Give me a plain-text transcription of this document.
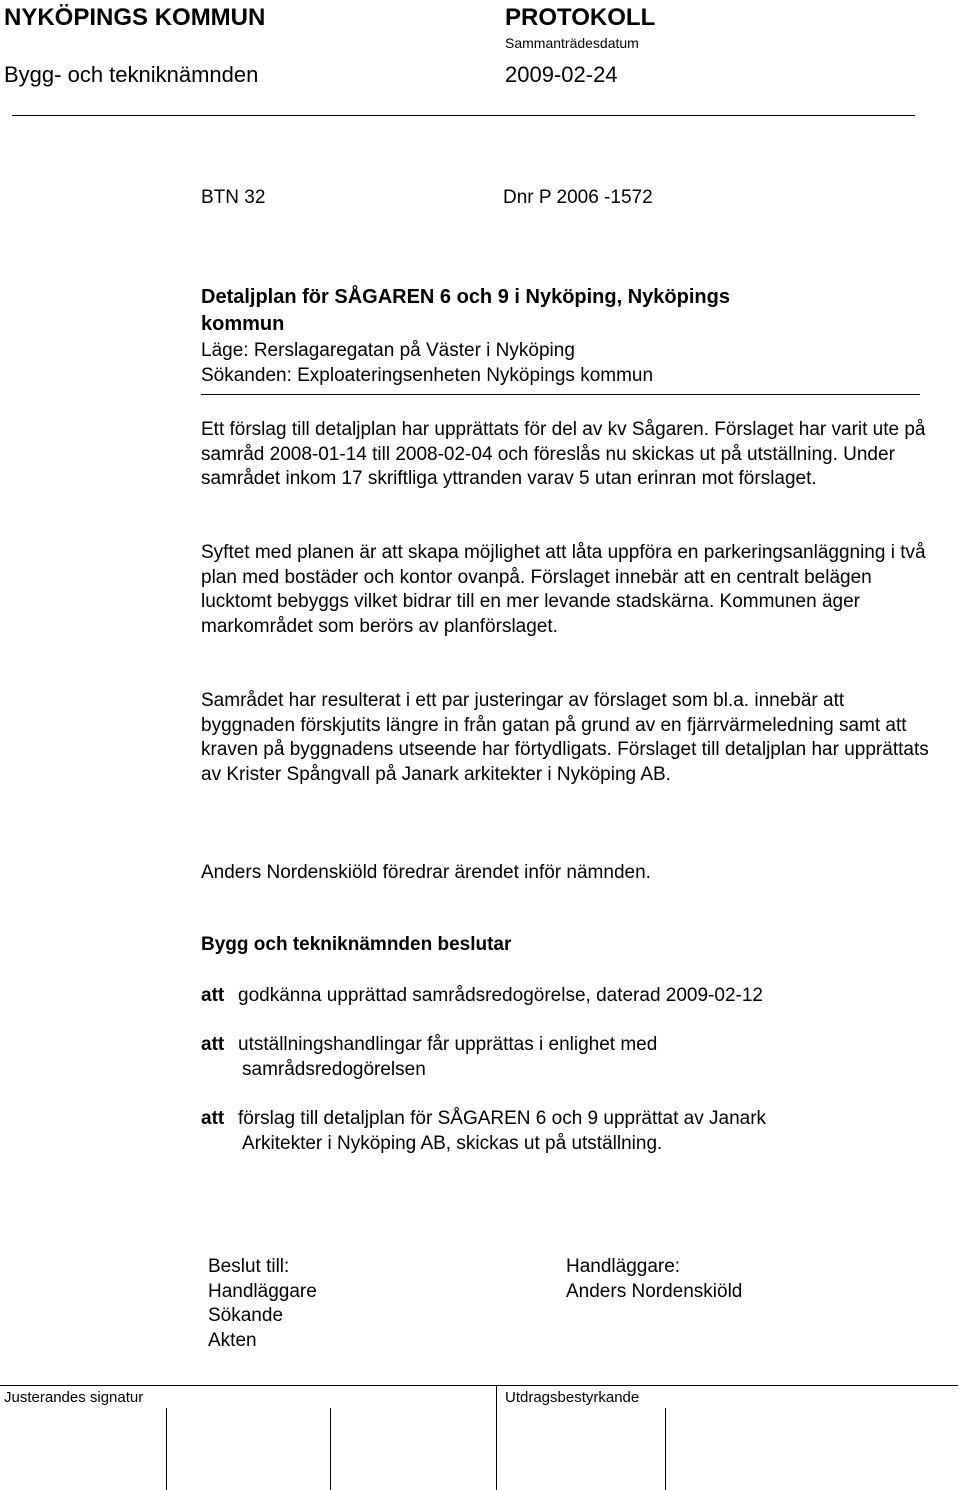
NYKÖPINGS KOMMUN	PROTOKOLL
Sammanträdesdatum
Bygg- och tekniknämnden	2009-02-24
BTN 32	Dnr P 2006 -1572
Detaljplan för SÅGAREN 6 och 9 i Nyköping, Nyköpings
kommun
Läge: Rerslagaregatan på Väster i Nyköping
Sökanden: Exploateringsenheten Nyköpings kommun

Ett förslag till detaljplan har upprättats för del av kv Sågaren. Förslaget har varit ute på samråd 2008-01-14 till 2008-02-04 och föreslås nu skickas ut på utställning. Under samrådet inkom 17 skriftliga yttranden varav 5 utan erinran mot förslaget.

Syftet med planen är att skapa möjlighet att låta uppföra en parkeringsanläggning i två plan med bostäder och kontor ovanpå. Förslaget innebär att en centralt belägen lucktomt bebyggs vilket bidrar till en mer levande stadskärna. Kommunen äger markområdet som berörs av planförslaget.

Samrådet har resulterat i ett par justeringar av förslaget som bl.a. innebär att byggnaden förskjutits längre in från gatan på grund av en fjärrvärmeledning samt att kraven på byggnadens utseende har förtydligats. Förslaget till detaljplan har upprättats av Krister Spångvall på Janark arkitekter i Nyköping AB.

Anders Nordenskiöld föredrar ärendet inför nämnden.
Bygg och tekniknämnden beslutar
att godkänna upprättad samrådsredogörelse, daterad 2009-02-12
att utställningshandlingar får upprättas i enlighet med
samrådsredogörelsen
att förslag till detaljplan för SÅGAREN 6 och 9 upprättat av Janark
Arkitekter i Nyköping AB, skickas ut på utställning.
Beslut till:
Handläggare
Sökande
Akten
Handläggare:
Anders Nordenskiöld
Justerandes signatur	Utdragsbestyrkande
